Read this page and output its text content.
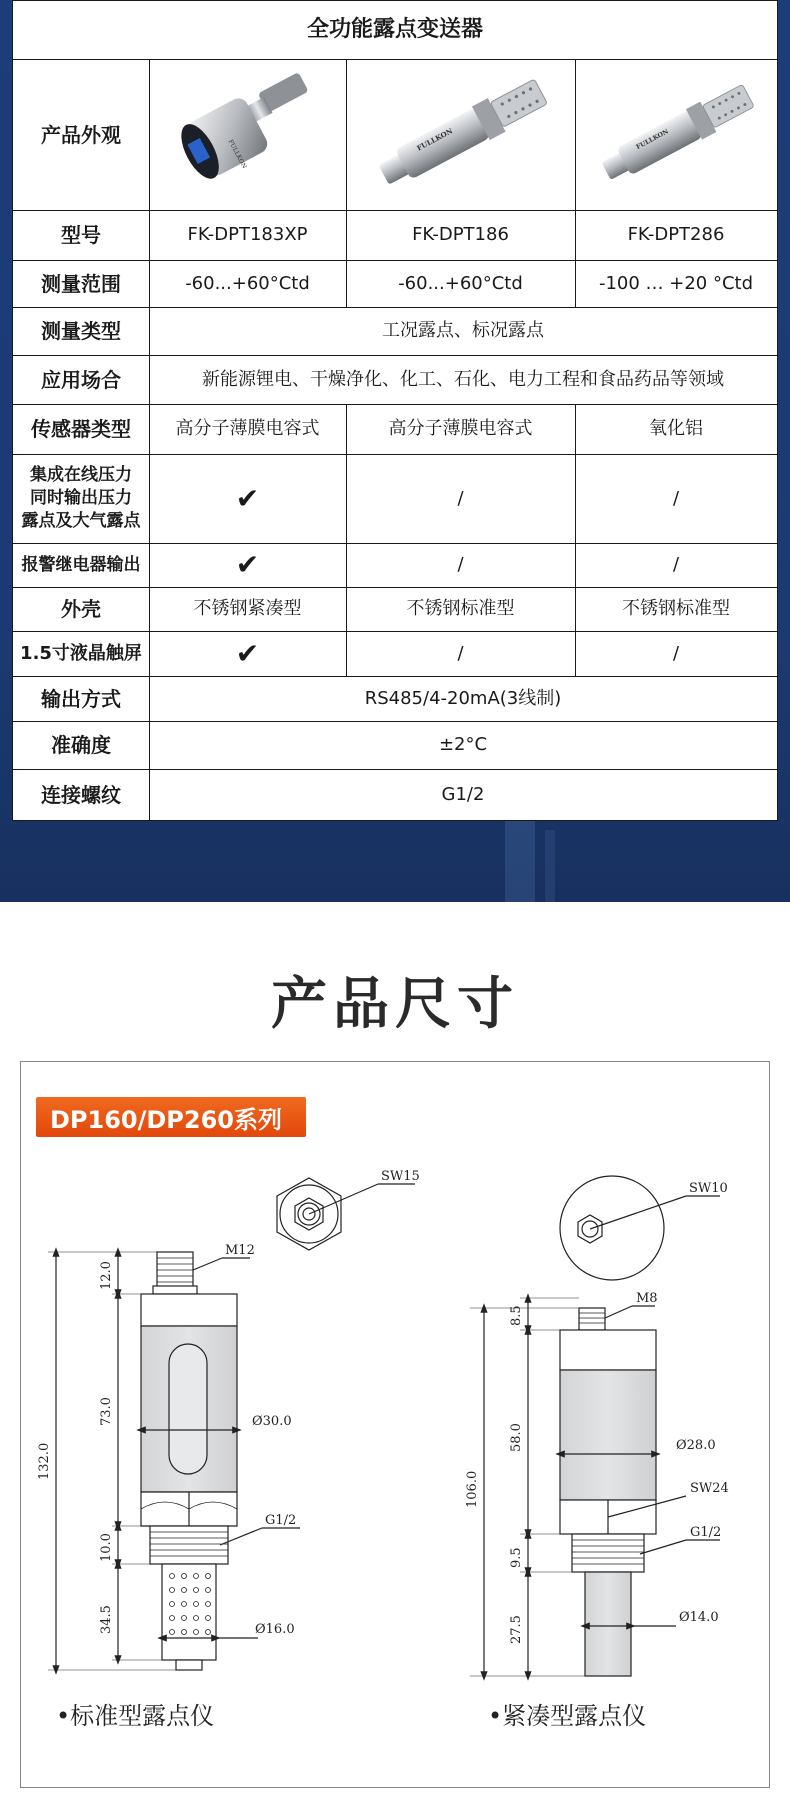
全功能露点变送器
产品外观
FULLKON	FULLKON	FULLKON
型号	FK-DPT183XP	FK-DPT186	FK-DPT286
测量范围	-60...+60°Ctd	-60...+60°Ctd	-100 … +20 °Ctd
测量类型	工况露点、标况露点
应用场合	新能源锂电、干燥净化、化工、石化、电力工程和食品药品等领域
传感器类型	高分子薄膜电容式	高分子薄膜电容式	氧化铝
集成在线压力
同时输出压力
露点及大气露点
✔	/	/
报警继电器输出	✔	/	/
外壳	不锈钢紧凑型	不锈钢标准型	不锈钢标准型
1.5寸液晶触屏	✔	/	/
输出方式	RS485/4-20mA(3线制)
准确度	±2°C
连接螺纹	G1/2
产品尺寸
DP160/DP260系列
SW15
M12
Ø30.0
G1/2
Ø16.0
132.0
12.0
73.0
10.0
34.5
SW10
M8
Ø28.0
SW24
G1/2
Ø14.0
106.0
8.5
58.0
9.5
27.5
•标准型露点仪	•紧凑型露点仪
